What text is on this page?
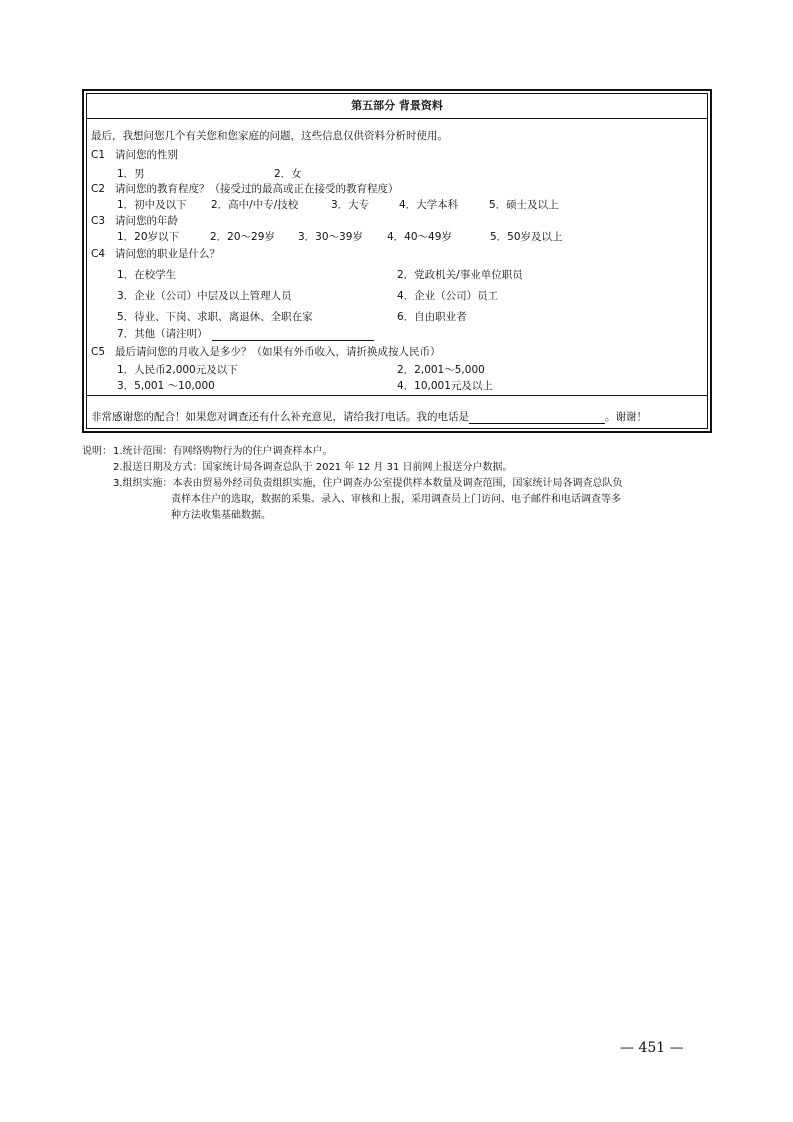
第五部分 背景资料
最后，我想问您几个有关您和您家庭的问题，这些信息仅供资料分析时使用。
C1 请问您的性别
1．男	2．女
C2 请问您的教育程度？（接受过的最高或正在接受的教育程度）
1．初中及以下 2．高中/中专/技校	3．大专	4．大学本科	5．硕士及以上
C3 请问您的年龄
1．20岁以下	2．20～29岁 3．30～39岁 4．40～49岁	5．50岁及以上
C4 请问您的职业是什么？
1．在校学生	2．党政机关/事业单位职员
3．企业（公司）中层及以上管理人员	4．企业（公司）员工
5．待业、下岗、求职、离退休、全职在家	6．自由职业者
7．其他（请注明）
C5 最后请问您的月收入是多少？（如果有外币收入，请折换成按人民币）
1．人民币2,000元及以下	2．2,001～5,000
3．5,001 ～10,000	4．10,001元及以上
非常感谢您的配合！如果您对调查还有什么补充意见，请给我打电话。我的电话是	。谢谢！
说明： 1.统计范围：有网络购物行为的住户调查样本户。
2.报送日期及方式：国家统计局各调查总队于 2021 年 12 月 31 日前网上报送分户数据。
3.组织实施：本表由贸易外经司负责组织实施，住户调查办公室提供样本数量及调查范围，国家统计局各调查总队负
责样本住户的选取，数据的采集、录入、审核和上报，采用调查员上门访问、电子邮件和电话调查等多
种方法收集基础数据。
— 451 —
